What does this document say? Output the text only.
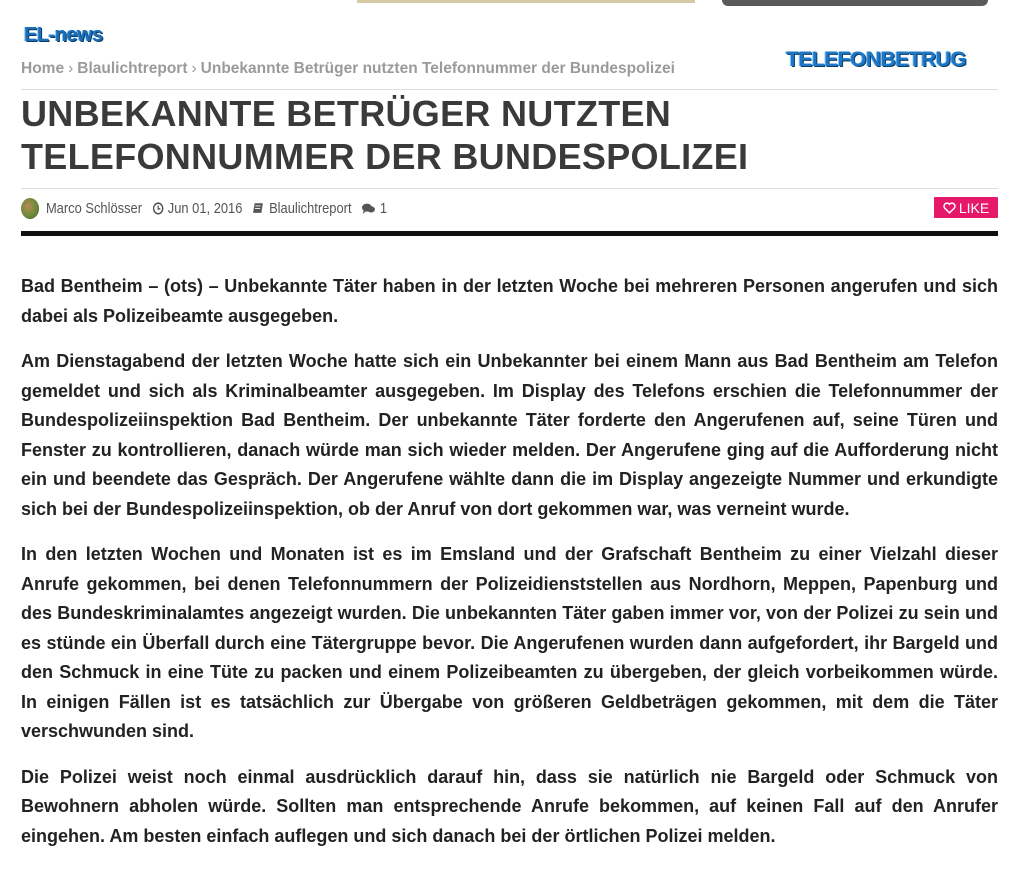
EL-news
TELEFONBETRUG
Home › Blaulichtreport › Unbekannte Betrüger nutzten Telefonnummer der Bundespolizei
UNBEKANNTE BETRÜGER NUTZTEN TELEFONNUMMER DER BUNDESPOLIZEI
Marco Schlösser Jun 01, 2016 Blaulichtreport 1	LIKE

Bad Bentheim – (ots) – Unbekannte Täter haben in der letzten Woche bei mehreren Personen angerufen und sich dabei als Polizeibeamte ausgegeben.

Am Dienstagabend der letzten Woche hatte sich ein Unbekannter bei einem Mann aus Bad Bentheim am Telefon gemeldet und sich als Kriminalbeamter ausgegeben. Im Display des Telefons erschien die Telefonnummer der Bundespolizeiinspektion Bad Bentheim. Der unbekannte Täter forderte den Angerufenen auf, seine Türen und Fenster zu kontrollieren, danach würde man sich wieder melden. Der Angerufene ging auf die Aufforderung nicht ein und beendete das Gespräch. Der Angerufene wählte dann die im Display angezeigte Nummer und erkundigte sich bei der Bundespolizeiinspektion, ob der Anruf von dort gekommen war, was verneint wurde.

In den letzten Wochen und Monaten ist es im Emsland und der Grafschaft Bentheim zu einer Vielzahl dieser Anrufe gekommen, bei denen Telefonnummern der Polizeidienststellen aus Nordhorn, Meppen, Papenburg und des Bundeskriminalamtes angezeigt wurden. Die unbekannten Täter gaben immer vor, von der Polizei zu sein und es stünde ein Überfall durch eine Tätergruppe bevor. Die Angerufenen wurden dann aufgefordert, ihr Bargeld und den Schmuck in eine Tüte zu packen und einem Polizeibeamten zu übergeben, der gleich vorbeikommen würde. In einigen Fällen ist es tatsächlich zur Übergabe von größeren Geldbeträgen gekommen, mit dem die Täter verschwunden sind.

Die Polizei weist noch einmal ausdrücklich darauf hin, dass sie natürlich nie Bargeld oder Schmuck von Bewohnern abholen würde. Sollten man entsprechende Anrufe bekommen, auf keinen Fall auf den Anrufer eingehen. Am besten einfach auflegen und sich danach bei der örtlichen Polizei melden.
